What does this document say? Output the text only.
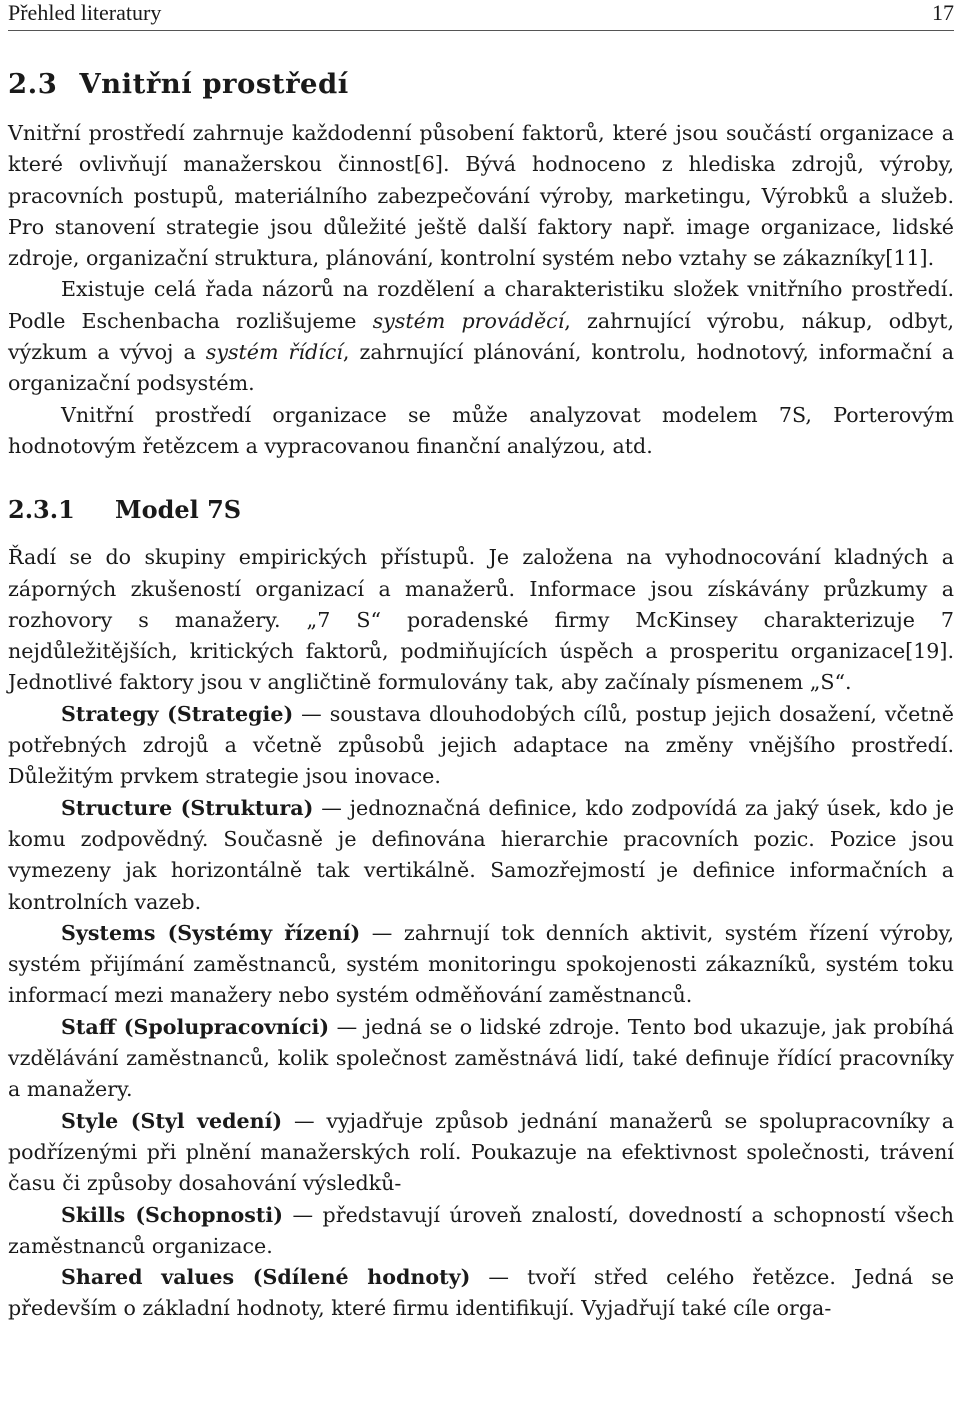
Přehled literatury	17
2.3 Vnitřní prostředí

Vnitřní prostředí zahrnuje každodenní působení faktorů, které jsou součástí organizace a které ovlivňují manažerskou činnost[6]. Bývá hodnoceno z hlediska zdrojů, výroby, pracovních postupů, materiálního zabezpečování výroby, marketingu, Výrobků a služeb. Pro stanovení strategie jsou důležité ještě další faktory např. image organizace, lidské zdroje, organizační struktura, plánování, kontrolní systém nebo vztahy se zákazníky[11].

Existuje celá řada názorů na rozdělení a charakteristiku složek vnitřního prostředí. Podle Eschenbacha rozlišujeme systém prováděcí, zahrnující výrobu, nákup, odbyt, výzkum a vývoj a systém řídící, zahrnující plánování, kontrolu, hodnotový, informační a organizační podsystém.

Vnitřní prostředí organizace se může analyzovat modelem 7S, Porterovým hodnotovým řetězcem a vypracovanou finanční analýzou, atd.

2.3.1 Model 7S

Řadí se do skupiny empirických přístupů. Je založena na vyhodnocování kladných a záporných zkušeností organizací a manažerů. Informace jsou získávány průzkumy a rozhovory s manažery. „7 S“ poradenské firmy McKinsey charakterizuje 7 nejdůležitějších, kritických faktorů, podmiňujících úspěch a prosperitu organizace[19]. Jednotlivé faktory jsou v angličtině formulovány tak, aby začínaly písmenem „S“.

Strategy (Strategie) — soustava dlouhodobých cílů, postup jejich dosažení, včetně potřebných zdrojů a včetně způsobů jejich adaptace na změny vnějšího prostředí. Důležitým prvkem strategie jsou inovace.

Structure (Struktura) — jednoznačná definice, kdo zodpovídá za jaký úsek, kdo je komu zodpovědný. Současně je definována hierarchie pracovních pozic. Pozice jsou vymezeny jak horizontálně tak vertikálně. Samozřejmostí je definice informačních a kontrolních vazeb.

Systems (Systémy řízení) — zahrnují tok denních aktivit, systém řízení výroby, systém přijímání zaměstnanců, systém monitoringu spokojenosti zákazníků, systém toku informací mezi manažery nebo systém odměňování zaměstnanců.

Staff (Spolupracovníci) — jedná se o lidské zdroje. Tento bod ukazuje, jak probíhá vzdělávání zaměstnanců, kolik společnost zaměstnává lidí, také definuje řídící pracovníky a manažery.

Style (Styl vedení) — vyjadřuje způsob jednání manažerů se spolupracovníky a podřízenými při plnění manažerských rolí. Poukazuje na efektivnost společnosti, trávení času či způsoby dosahování výsledků-

Skills (Schopnosti) — představují úroveň znalostí, dovedností a schopností všech zaměstnanců organizace.

Shared values (Sdílené hodnoty) — tvoří střed celého řetězce. Jedná se především o základní hodnoty, které firmu identifikují. Vyjadřují také cíle orga-
